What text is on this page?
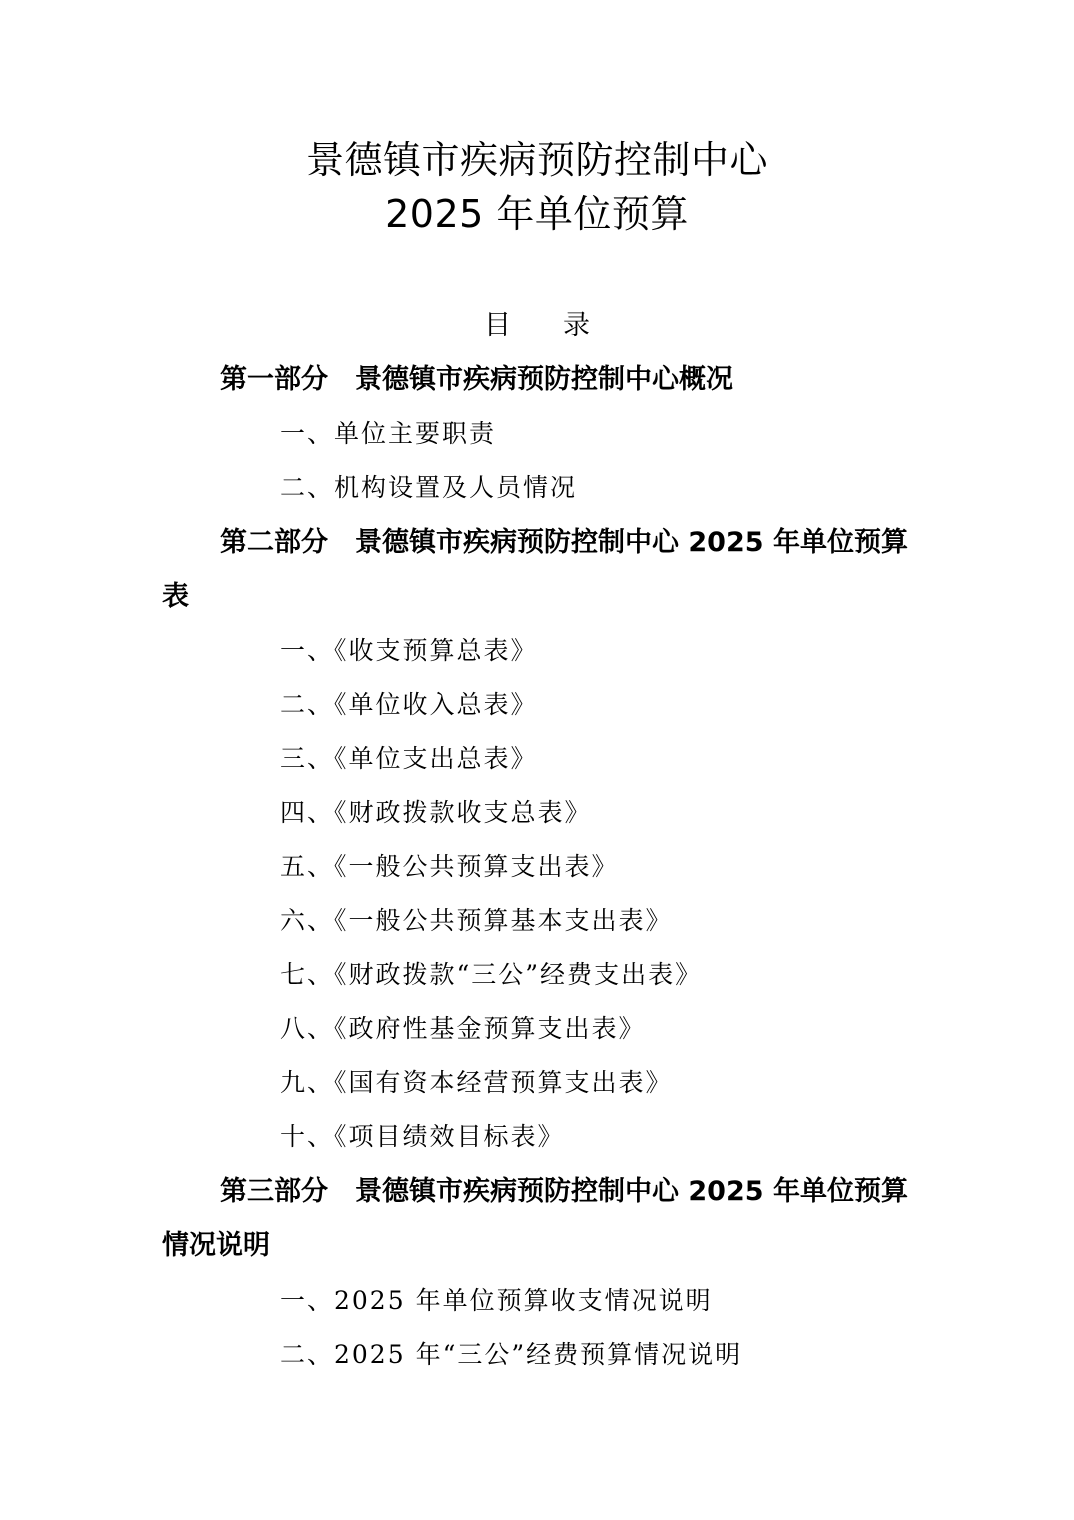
景德镇市疾病预防控制中心
2025 年单位预算
目 录
第一部分　景德镇市疾病预防控制中心概况
一、单位主要职责
二、机构设置及人员情况
第二部分　景德镇市疾病预防控制中心 2025 年单位预算表
一、《收支预算总表》
二、《单位收入总表》
三、《单位支出总表》
四、《财政拨款收支总表》
五、《一般公共预算支出表》
六、《一般公共预算基本支出表》
七、《财政拨款“三公”经费支出表》
八、《政府性基金预算支出表》
九、《国有资本经营预算支出表》
十、《项目绩效目标表》
第三部分　景德镇市疾病预防控制中心 2025 年单位预算情况说明
一、2025 年单位预算收支情况说明
二、2025 年“三公”经费预算情况说明
